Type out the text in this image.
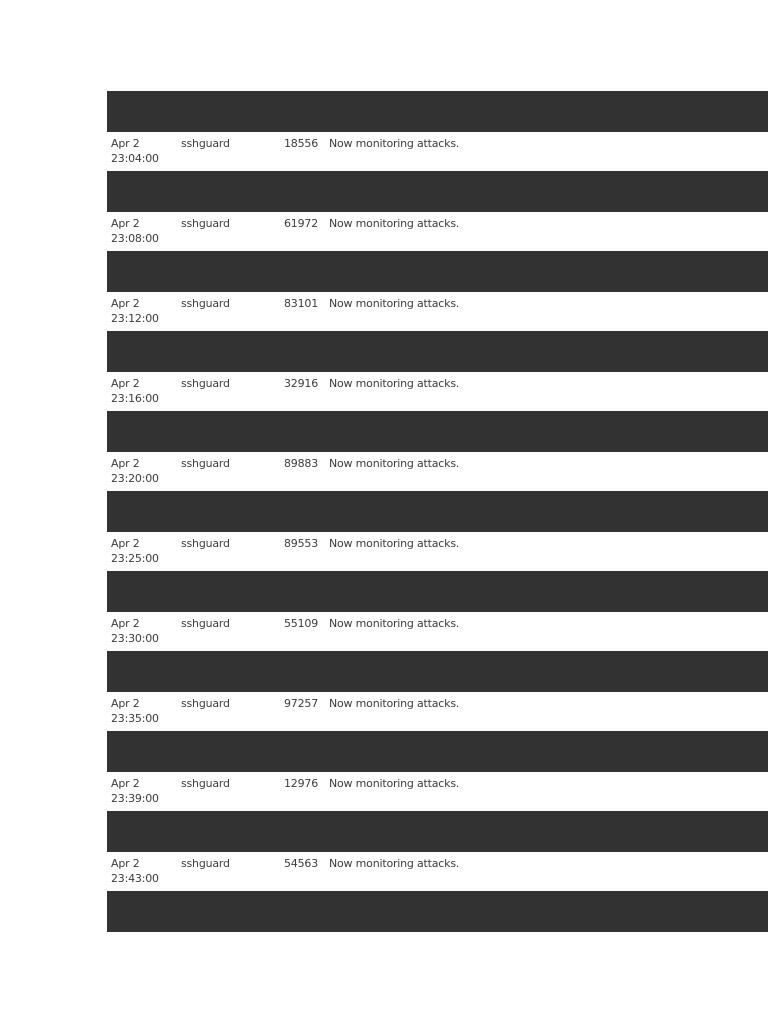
Apr 2
23:04:00
sshguard	18556 Now monitoring attacks.
Apr 2
23:08:00
sshguard	61972 Now monitoring attacks.
Apr 2
23:12:00
sshguard	83101 Now monitoring attacks.
Apr 2
23:16:00
sshguard	32916 Now monitoring attacks.
Apr 2
23:20:00
sshguard	89883 Now monitoring attacks.
Apr 2
23:25:00
sshguard	89553 Now monitoring attacks.
Apr 2
23:30:00
sshguard	55109 Now monitoring attacks.
Apr 2
23:35:00
sshguard	97257 Now monitoring attacks.
Apr 2
23:39:00
sshguard	12976 Now monitoring attacks.
Apr 2
23:43:00
sshguard	54563 Now monitoring attacks.
